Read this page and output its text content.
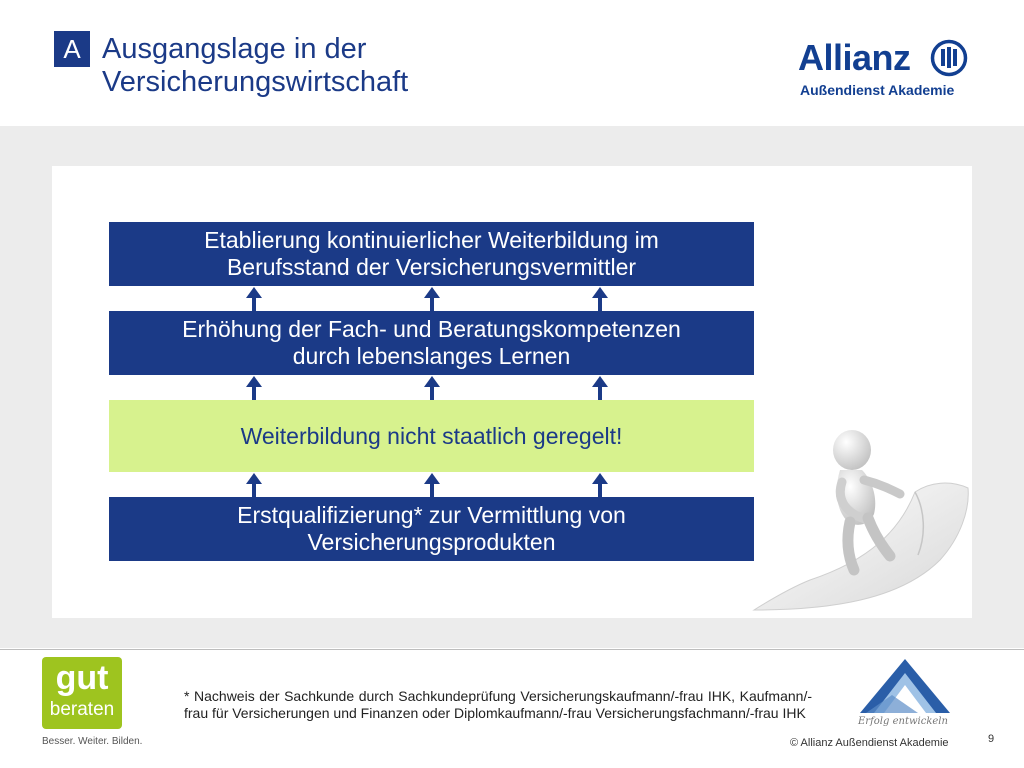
A Ausgangslage in der
Versicherungswirtschaft
Allianz
Außendienst Akademie
Etablierung kontinuierlicher Weiterbildung im
Berufsstand der Versicherungsvermittler
Erhöhung der Fach- und Beratungskompetenzen
durch lebenslanges Lernen
Weiterbildung nicht staatlich geregelt!
Erstqualifizierung* zur Vermittlung von
Versicherungsprodukten
gut
beraten
Besser. Weiter. Bilden.
* Nachweis der Sachkunde durch Sachkundeprüfung Versicherungskaufmann/-frau IHK, Kaufmann/-frau für Versicherungen und Finanzen oder Diplomkaufmann/-frau Versicherungsfachmann/-frau IHK
Erfolg entwickeln
© Allianz Außendienst Akademie	9
